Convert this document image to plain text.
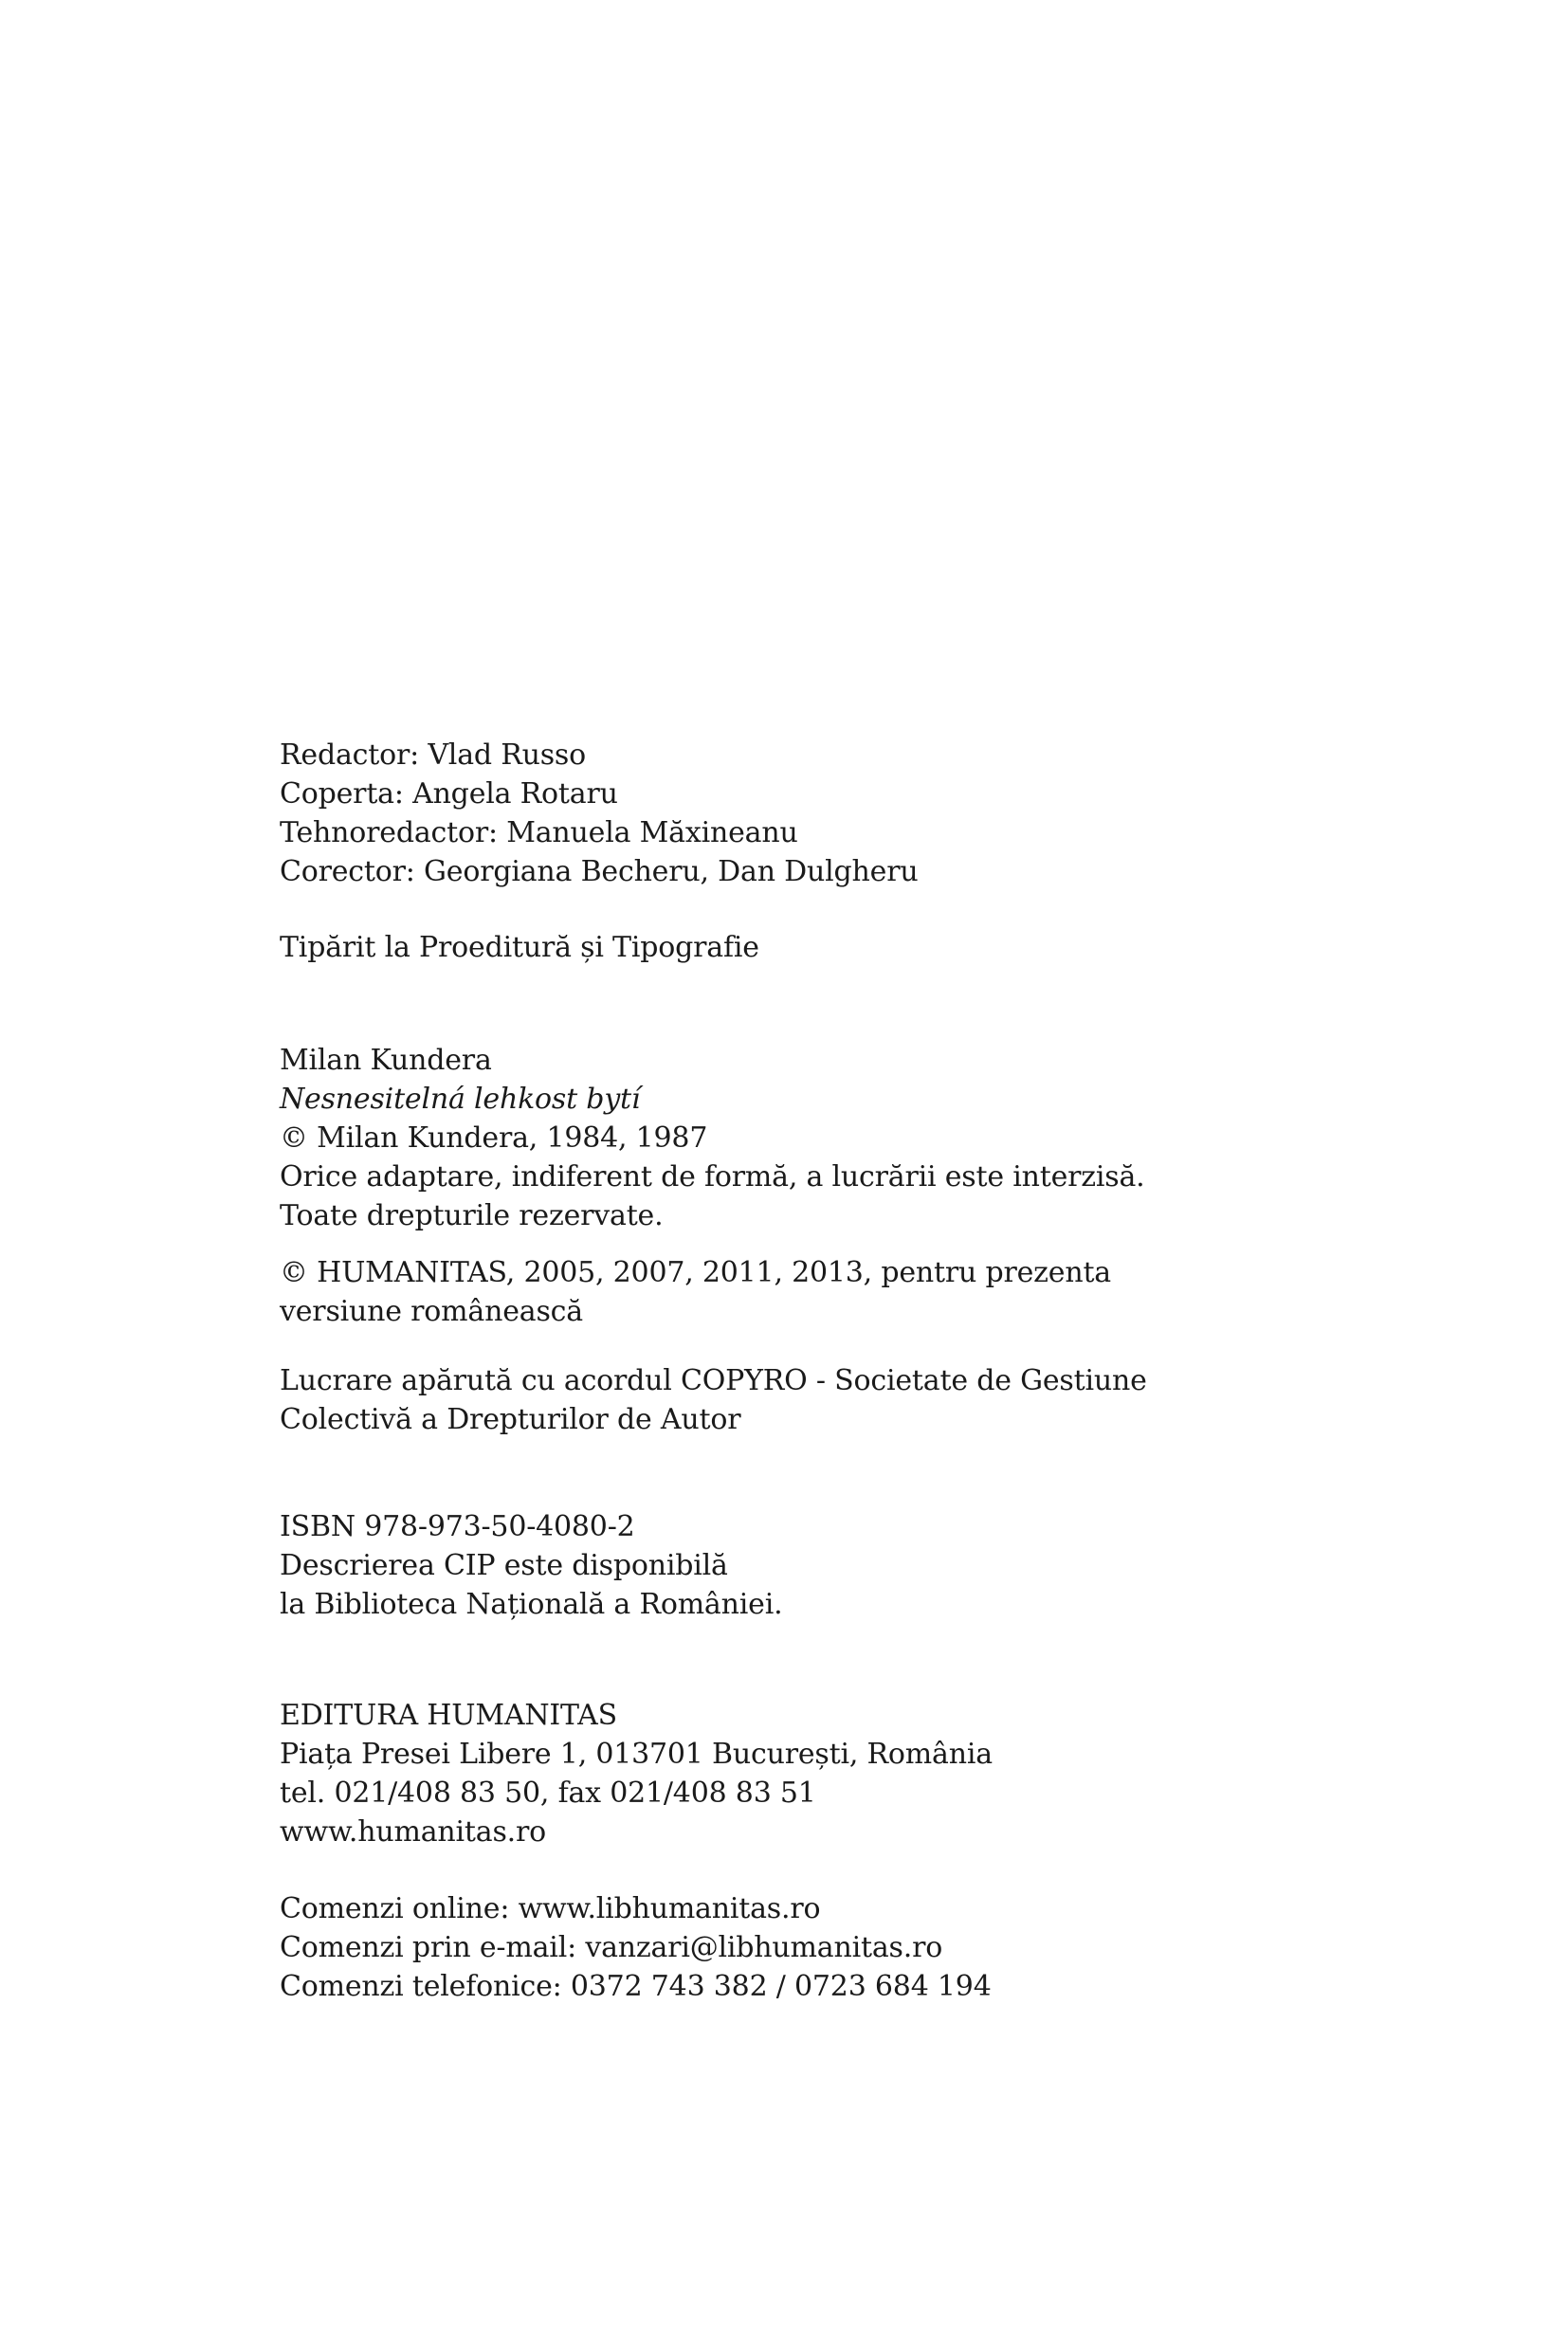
Redactor: Vlad Russo
Coperta: Angela Rotaru
Tehnoredactor: Manuela Măxineanu
Corector: Georgiana Becheru, Dan Dulgheru
Tipărit la Proeditură și Tipografie
Milan Kundera
Nesnesitelná lehkost bytí
© Milan Kundera, 1984, 1987
Orice adaptare, indiferent de formă, a lucrării este interzisă.
Toate drepturile rezervate.
© HUMANITAS, 2005, 2007, 2011, 2013, pentru prezenta
versiune românească
Lucrare apărută cu acordul COPYRO - Societate de Gestiune
Colectivă a Drepturilor de Autor
ISBN 978-973-50-4080-2
Descrierea CIP este disponibilă
la Biblioteca Națională a României.
EDITURA HUMANITAS
Piața Presei Libere 1, 013701 București, România
tel. 021/408 83 50, fax 021/408 83 51
www.humanitas.ro
Comenzi online: www.libhumanitas.ro
Comenzi prin e-mail: vanzari@libhumanitas.ro
Comenzi telefonice: 0372 743 382 / 0723 684 194
